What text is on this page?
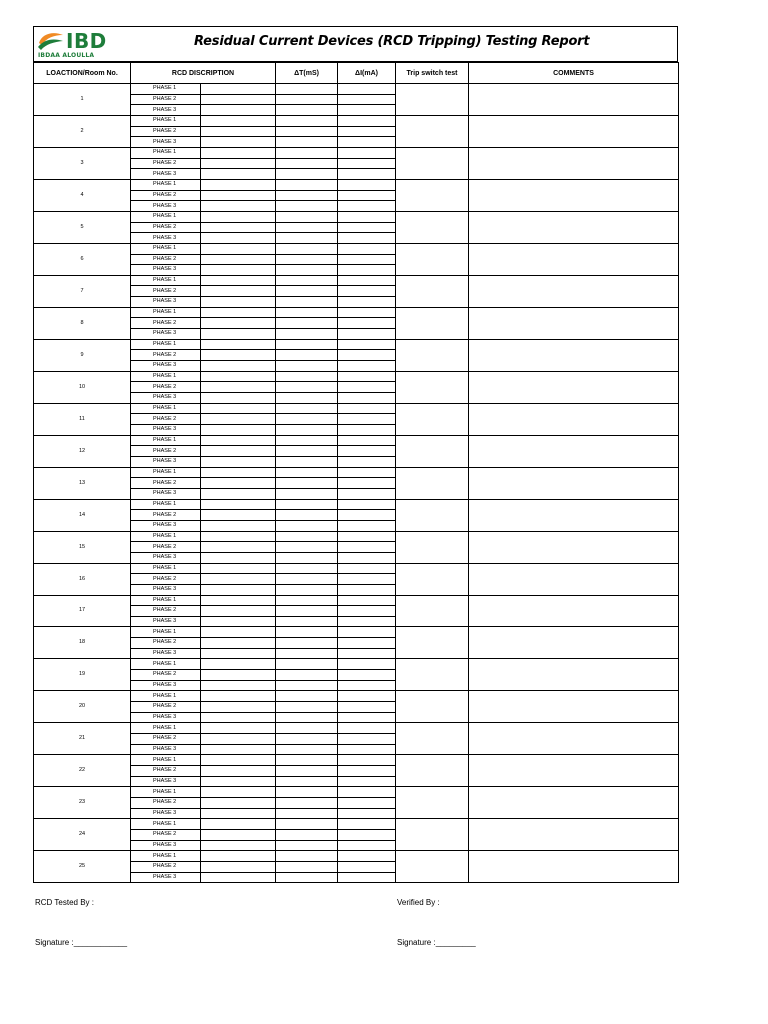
IBD
IBDAA ALOULLA
Residual Current Devices (RCD Tripping) Testing Report
LOACTION/Room No.	RCD DISCRIPTION		ΔT(mS)	ΔI(mA)	Trip switch test	COMMENTS
1	PHASE 1					
	PHASE 2					
	PHASE 3					
2	PHASE 1					
	PHASE 2					
	PHASE 3					
3	PHASE 1					
	PHASE 2					
	PHASE 3					
4	PHASE 1					
	PHASE 2					
	PHASE 3					
5	PHASE 1					
	PHASE 2					
	PHASE 3					
6	PHASE 1					
	PHASE 2					
	PHASE 3					
7	PHASE 1					
	PHASE 2					
	PHASE 3					
8	PHASE 1					
	PHASE 2					
	PHASE 3					
9	PHASE 1					
	PHASE 2					
	PHASE 3					
10	PHASE 1					
	PHASE 2					
	PHASE 3					
11	PHASE 1					
	PHASE 2					
	PHASE 3					
12	PHASE 1					
	PHASE 2					
	PHASE 3					
13	PHASE 1					
	PHASE 2					
	PHASE 3					
14	PHASE 1					
	PHASE 2					
	PHASE 3					
15	PHASE 1					
	PHASE 2					
	PHASE 3					
16	PHASE 1					
	PHASE 2					
	PHASE 3					
17	PHASE 1					
	PHASE 2					
	PHASE 3					
18	PHASE 1					
	PHASE 2					
	PHASE 3					
19	PHASE 1					
	PHASE 2					
	PHASE 3					
20	PHASE 1					
	PHASE 2					
	PHASE 3					
21	PHASE 1					
	PHASE 2					
	PHASE 3					
22	PHASE 1					
	PHASE 2					
	PHASE 3					
23	PHASE 1					
	PHASE 2					
	PHASE 3					
24	PHASE 1					
	PHASE 2					
	PHASE 3					
25	PHASE 1					
	PHASE 2					
	PHASE 3					
RCD Tested By :	Verified By :
Signature :____________	Signature :_________
